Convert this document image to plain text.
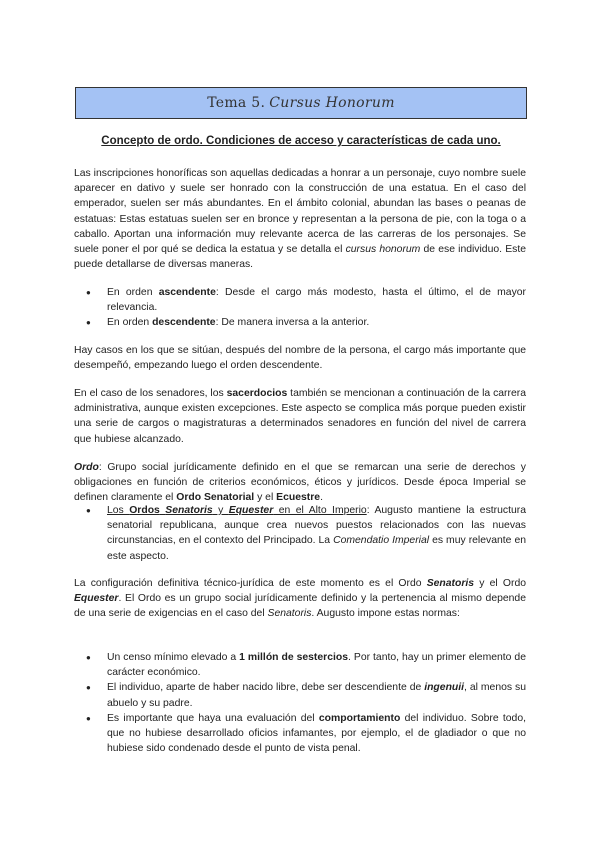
Tema 5. Cursus Honorum
Concepto de ordo. Condiciones de acceso y características de cada uno.

Las inscripciones honoríficas son aquellas dedicadas a honrar a un personaje, cuyo nombre suele aparecer en dativo y suele ser honrado con la construcción de una estatua. En el caso del emperador, suelen ser más abundantes. En el ámbito colonial, abundan las bases o peanas de estatuas: Estas estatuas suelen ser en bronce y representan a la persona de pie, con la toga o a caballo. Aportan una información muy relevante acerca de las carreras de los personajes. Se suele poner el por qué se dedica la estatua y se detalla el cursus honorum de ese individuo. Este puede detallarse de diversas maneras.

● En orden ascendente: Desde el cargo más modesto, hasta el último, el de mayor relevancia.
● En orden descendente: De manera inversa a la anterior.

Hay casos en los que se sitúan, después del nombre de la persona, el cargo más importante que desempeñó, empezando luego el orden descendente.

En el caso de los senadores, los sacerdocios también se mencionan a continuación de la carrera administrativa, aunque existen excepciones. Este aspecto se complica más porque pueden existir una serie de cargos o magistraturas a determinados senadores en función del nivel de carrera que hubiese alcanzado.

Ordo: Grupo social jurídicamente definido en el que se remarcan una serie de derechos y obligaciones en función de criterios económicos, éticos y jurídicos. Desde época Imperial se definen claramente el Ordo Senatorial y el Ecuestre.

● Los Ordos Senatoris y Equester en el Alto Imperio: Augusto mantiene la estructura senatorial republicana, aunque crea nuevos puestos relacionados con las nuevas circunstancias, en el contexto del Principado. La Comendatio Imperial es muy relevante en este aspecto.

La configuración definitiva técnico-jurídica de este momento es el Ordo Senatoris y el Ordo Equester. El Ordo es un grupo social jurídicamente definido y la pertenencia al mismo depende de una serie de exigencias en el caso del Senatoris. Augusto impone estas normas:

● Un censo mínimo elevado a 1 millón de sestercios. Por tanto, hay un primer elemento de carácter económico.
● El individuo, aparte de haber nacido libre, debe ser descendiente de ingenuii, al menos su abuelo y su padre.
● Es importante que haya una evaluación del comportamiento del individuo. Sobre todo, que no hubiese desarrollado oficios infamantes, por ejemplo, el de gladiador o que no hubiese sido condenado desde el punto de vista penal.
